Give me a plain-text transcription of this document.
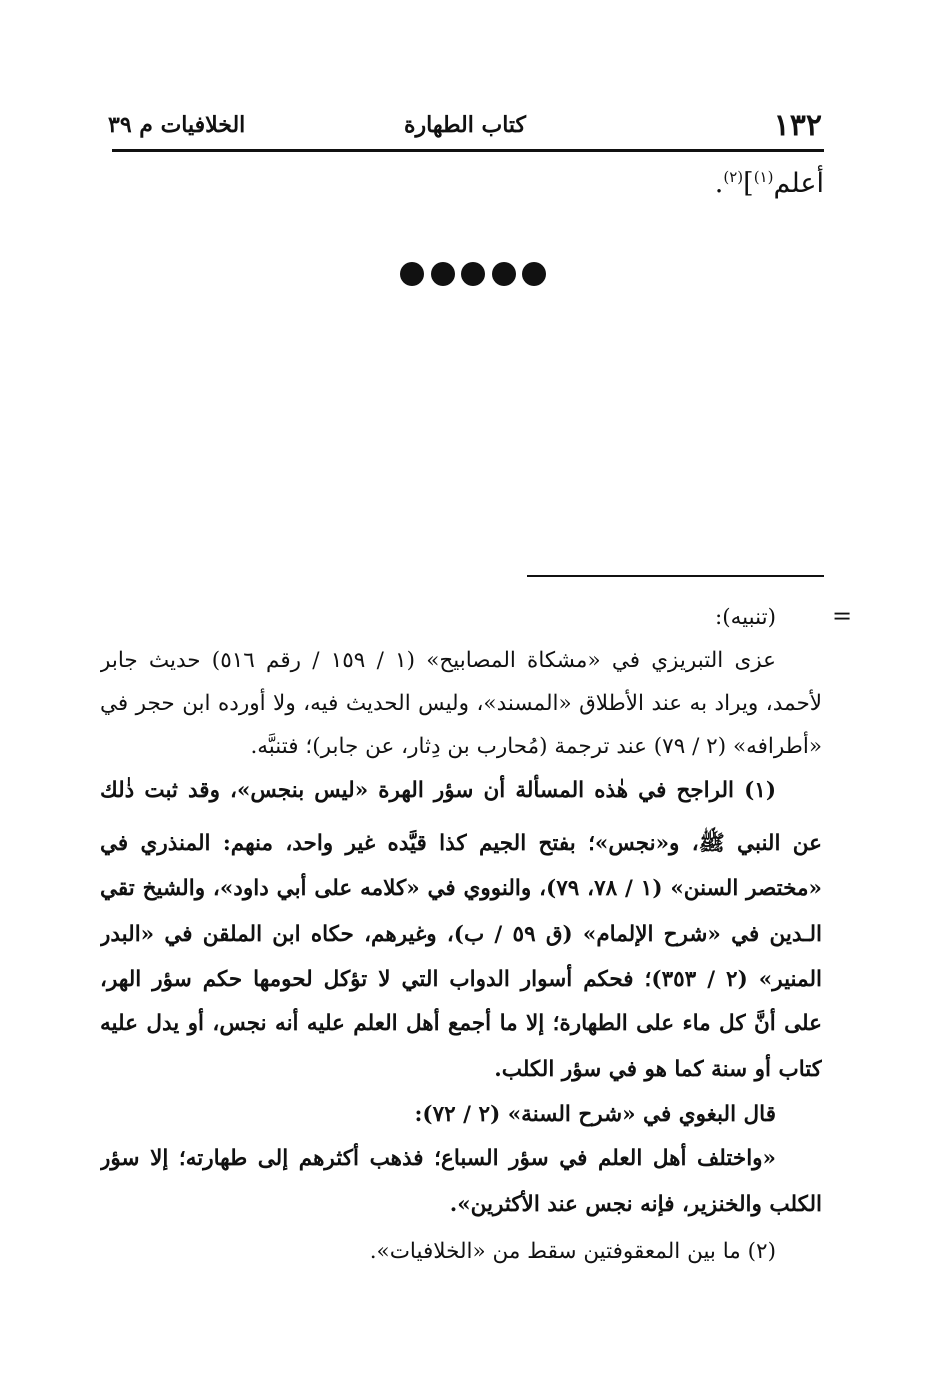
١٣٢
كتاب الطهارة
الخلافيات م ٣٩
أعلم$^{(١)}$]$^{(٢)}$.
=
(تنبيه):
عزى التبريزي في «مشكاة المصابيح» (١ / ١٥٩ / رقم ٥١٦) حديث جابر
لأحمد، ويراد به عند الأطلاق «المسند»، وليس الحديث فيه، ولا أورده ابن حجر في
«أطرافه» (٢ / ٧٩) عند ترجمة (مُحارب بن دِثار، عن جابر)؛ فتنبَّه.
(١) الراجح في هٰذه المسألة أن سؤر الهرة «ليس بنجس»، وقد ثبت ذٰلك
عن النبي ﷺ، و«نجس»؛ بفتح الجيم كذا قيَّده غير واحد، منهم: المنذري في
«مختصر السنن» (١ / ٧٨، ٧٩)، والنووي في «كلامه على أبي داود»، والشيخ تقي
الـدين في «شرح الإلمام» (ق ٥٩ / ب)، وغيرهم، حكاه ابن الملقن في «البدر
المنير» (٢ / ٣٥٣)؛ فحكم أسوار الدواب التي لا تؤكل لحومها حكم سؤر الهر،
على أنَّ كل ماء على الطهارة؛ إلا ما أجمع أهل العلم عليه أنه نجس، أو يدل عليه
كتاب أو سنة كما هو في سؤر الكلب.
قال البغوي في «شرح السنة» (٢ / ٧٢):
«واختلف أهل العلم في سؤر السباع؛ فذهب أكثرهم إلى طهارته؛ إلا سؤر
الكلب والخنزير، فإنه نجس عند الأكثرين».
(٢) ما بين المعقوفتين سقط من «الخلافيات».
